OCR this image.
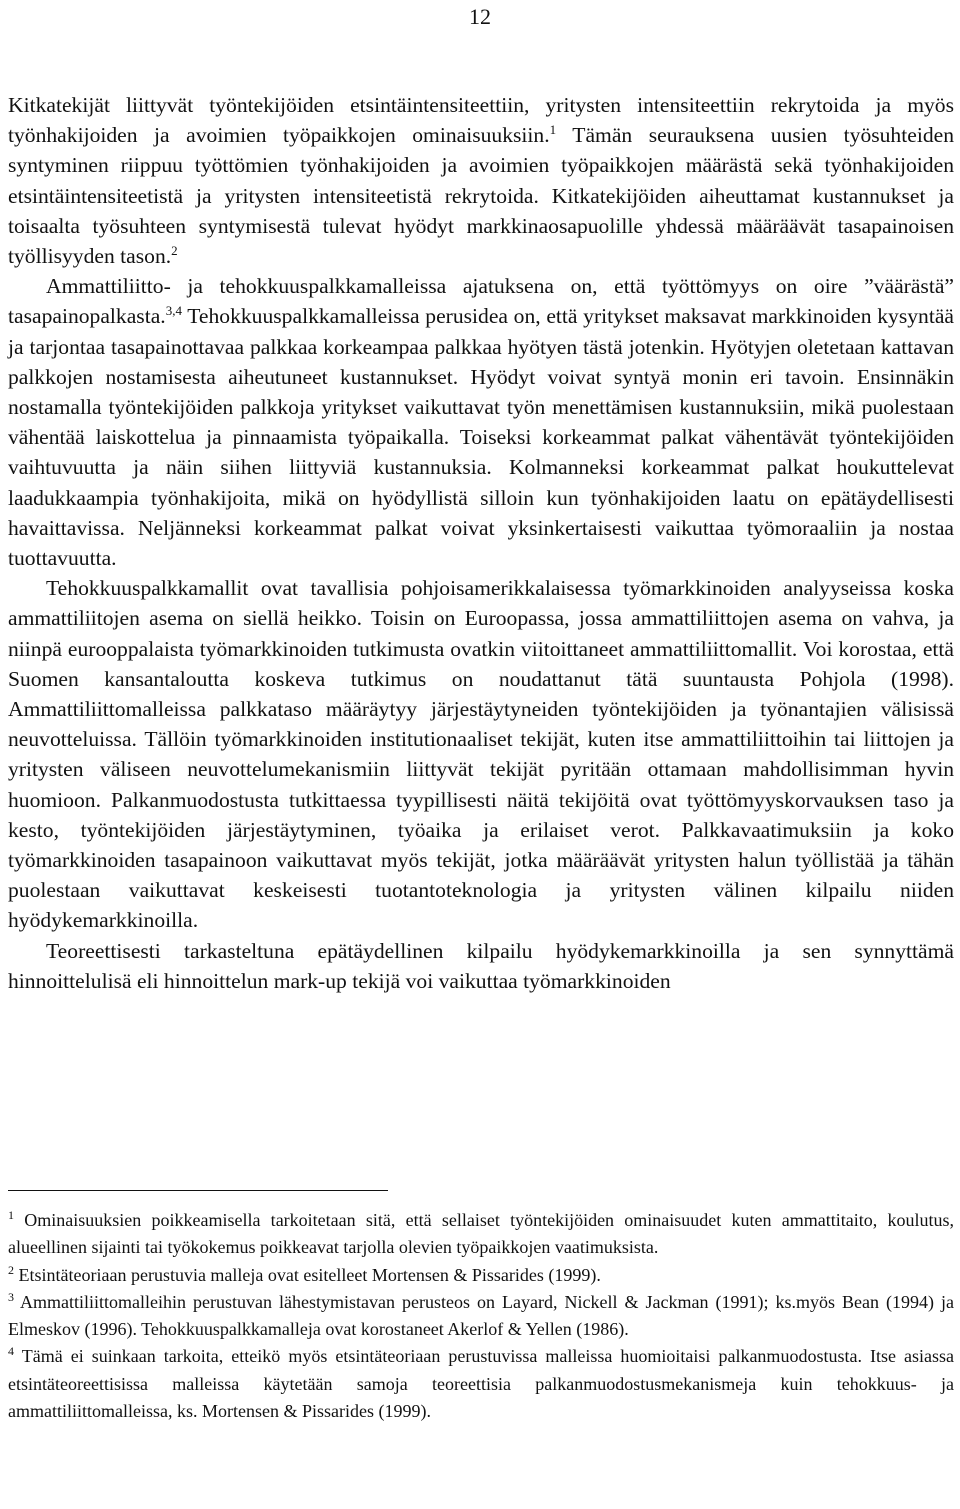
12

Kitkatekijät liittyvät työntekijöiden etsintäintensiteettiin, yritysten intensiteettiin rekrytoida ja myös työnhakijoiden ja avoimien työpaikkojen ominaisuuksiin.$^1$ Tämän seurauksena uusien työsuhteiden syntyminen riippuu työttömien työnhakijoiden ja avoimien työpaikkojen määrästä sekä työnhakijoiden etsintäintensiteetistä ja yritysten intensiteetistä rekrytoida. Kitkatekijöiden aiheuttamat kustannukset ja toisaalta työsuhteen syntymisestä tulevat hyödyt markkinaosapuolille yhdessä määräävät tasapainoisen työllisyyden tason.$^2$

Ammattiliitto- ja tehokkuuspalkkamalleissa ajatuksena on, että työttömyys on oire ”väärästä” tasapainopalkasta.$^{3,4}$ Tehokkuuspalkkamalleissa perusidea on, että yritykset maksavat markkinoiden kysyntää ja tarjontaa tasapainottavaa palkkaa korkeampaa palkkaa hyötyen tästä jotenkin. Hyötyjen oletetaan kattavan palkkojen nostamisesta aiheutuneet kustannukset. Hyödyt voivat syntyä monin eri tavoin. Ensinnäkin nostamalla työntekijöiden palkkoja yritykset vaikuttavat työn menettämisen kustannuksiin, mikä puolestaan vähentää laiskottelua ja pinnaamista työpaikalla. Toiseksi korkeammat palkat vähentävät työntekijöiden vaihtuvuutta ja näin siihen liittyviä kustannuksia. Kolmanneksi korkeammat palkat houkuttelevat laadukkaampia työnhakijoita, mikä on hyödyllistä silloin kun työnhakijoiden laatu on epätäydellisesti havaittavissa. Neljänneksi korkeammat palkat voivat yksinkertaisesti vaikuttaa työmoraaliin ja nostaa tuottavuutta.

Tehokkuuspalkkamallit ovat tavallisia pohjoisamerikkalaisessa työmarkkinoiden analyyseissa koska ammattiliitojen asema on siellä heikko. Toisin on Euroopassa, jossa ammattiliittojen asema on vahva, ja niinpä eurooppalaista työmarkkinoiden tutkimusta ovatkin viitoittaneet ammattiliittomallit. Voi korostaa, että Suomen kansantaloutta koskeva tutkimus on noudattanut tätä suuntausta Pohjola (1998). Ammattiliittomalleissa palkkataso määräytyy järjestäytyneiden työntekijöiden ja työnantajien välisissä neuvotteluissa. Tällöin työmarkkinoiden institutionaaliset tekijät, kuten itse ammattiliittoihin tai liittojen ja yritysten väliseen neuvottelumekanismiin liittyvät tekijät pyritään ottamaan mahdollisimman hyvin huomioon. Palkanmuodostusta tutkittaessa tyypillisesti näitä tekijöitä ovat työttömyyskorvauksen taso ja kesto, työntekijöiden järjestäytyminen, työaika ja erilaiset verot. Palkkavaatimuksiin ja koko työmarkkinoiden tasapainoon vaikuttavat myös tekijät, jotka määräävät yritysten halun työllistää ja tähän puolestaan vaikuttavat keskeisesti tuotantoteknologia ja yritysten välinen kilpailu niiden hyödykemarkkinoilla.

Teoreettisesti tarkasteltuna epätäydellinen kilpailu hyödykemarkkinoilla ja sen synnyttämä hinnoittelulisä eli hinnoittelun mark-up tekijä voi vaikuttaa työmarkkinoiden

$^1$ Ominaisuuksien poikkeamisella tarkoitetaan sitä, että sellaiset työntekijöiden ominaisuudet kuten ammattitaito, koulutus, alueellinen sijainti tai työkokemus poikkeavat tarjolla olevien työpaikkojen vaatimuksista.

$^2$ Etsintäteoriaan perustuvia malleja ovat esitelleet Mortensen & Pissarides (1999).

$^3$ Ammattiliittomalleihin perustuvan lähestymistavan perusteos on Layard, Nickell & Jackman (1991); ks.myös Bean (1994) ja Elmeskov (1996). Tehokkuuspalkkamalleja ovat korostaneet Akerlof & Yellen (1986).

$^4$ Tämä ei suinkaan tarkoita, etteikö myös etsintäteoriaan perustuvissa malleissa huomioitaisi palkanmuodostusta. Itse asiassa etsintäteoreettisissa malleissa käytetään samoja teoreettisia palkanmuodostusmekanismeja kuin tehokkuus- ja ammattiliittomalleissa, ks. Mortensen & Pissarides (1999).
